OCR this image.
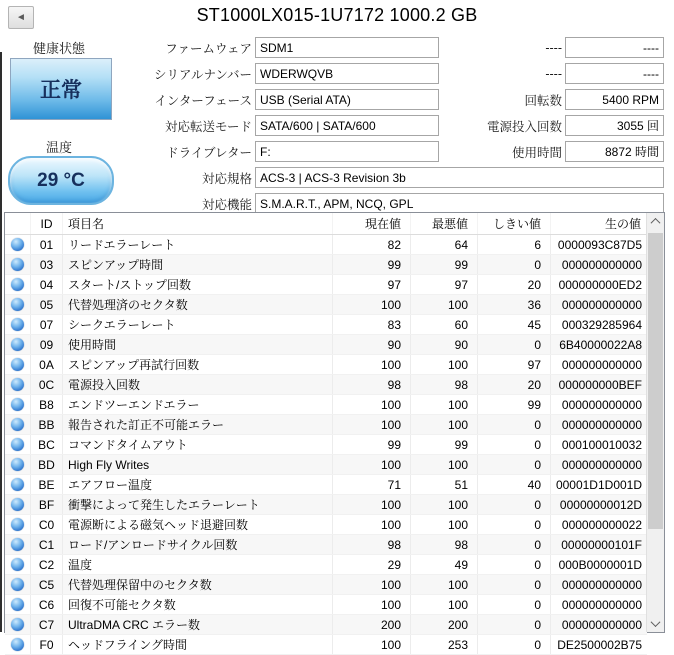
◄	ST1000LX015-1U7172 1000.2 GB
健康状態
正常
温度
29 °C
ファームウェア SDM1
シリアルナンバー WDERWQVB
インターフェース USB (Serial ATA)
対応転送モード SATA/600 | SATA/600
ドライブレター F:
対応規格 ACS-3 | ACS-3 Revision 3b
対応機能 S.M.A.R.T., APM, NCQ, GPL
----	----
----	----
回転数	5400 RPM
電源投入回数	3055 回
使用時間	8872 時間
ID	項目名	現在値	最悪値	しきい値	生の値
01	リードエラーレート	82	64	6	0000093C87D5
03	スピンアップ時間	99	99	0	000000000000
04	スタート/ストップ回数	97	97	20	000000000ED2
05	代替処理済のセクタ数	100	100	36	000000000000
07	シークエラーレート	83	60	45	000329285964
09	使用時間	90	90	0	6B40000022A8
0A	スピンアップ再試行回数	100	100	97	000000000000
0C	電源投入回数	98	98	20	000000000BEF
B8	エンドツーエンドエラー	100	100	99	000000000000
BB	報告された訂正不可能エラー	100	100	0	000000000000
BC	コマンドタイムアウト	99	99	0	000100010032
BD	High Fly Writes	100	100	0	000000000000
BE	エアフロー温度	71	51	40	00001D1D001D
BF	衝撃によって発生したエラーレート	100	100	0	00000000012D
C0	電源断による磁気ヘッド退避回数	100	100	0	000000000022
C1	ロード/アンロードサイクル回数	98	98	0	00000000101F
C2	温度	29	49	0	000B0000001D
C5	代替処理保留中のセクタ数	100	100	0	000000000000
C6	回復不可能セクタ数	100	100	0	000000000000
C7	UltraDMA CRC エラー数	200	200	0	000000000000
F0	ヘッドフライング時間	100	253	0	DE2500002B75
